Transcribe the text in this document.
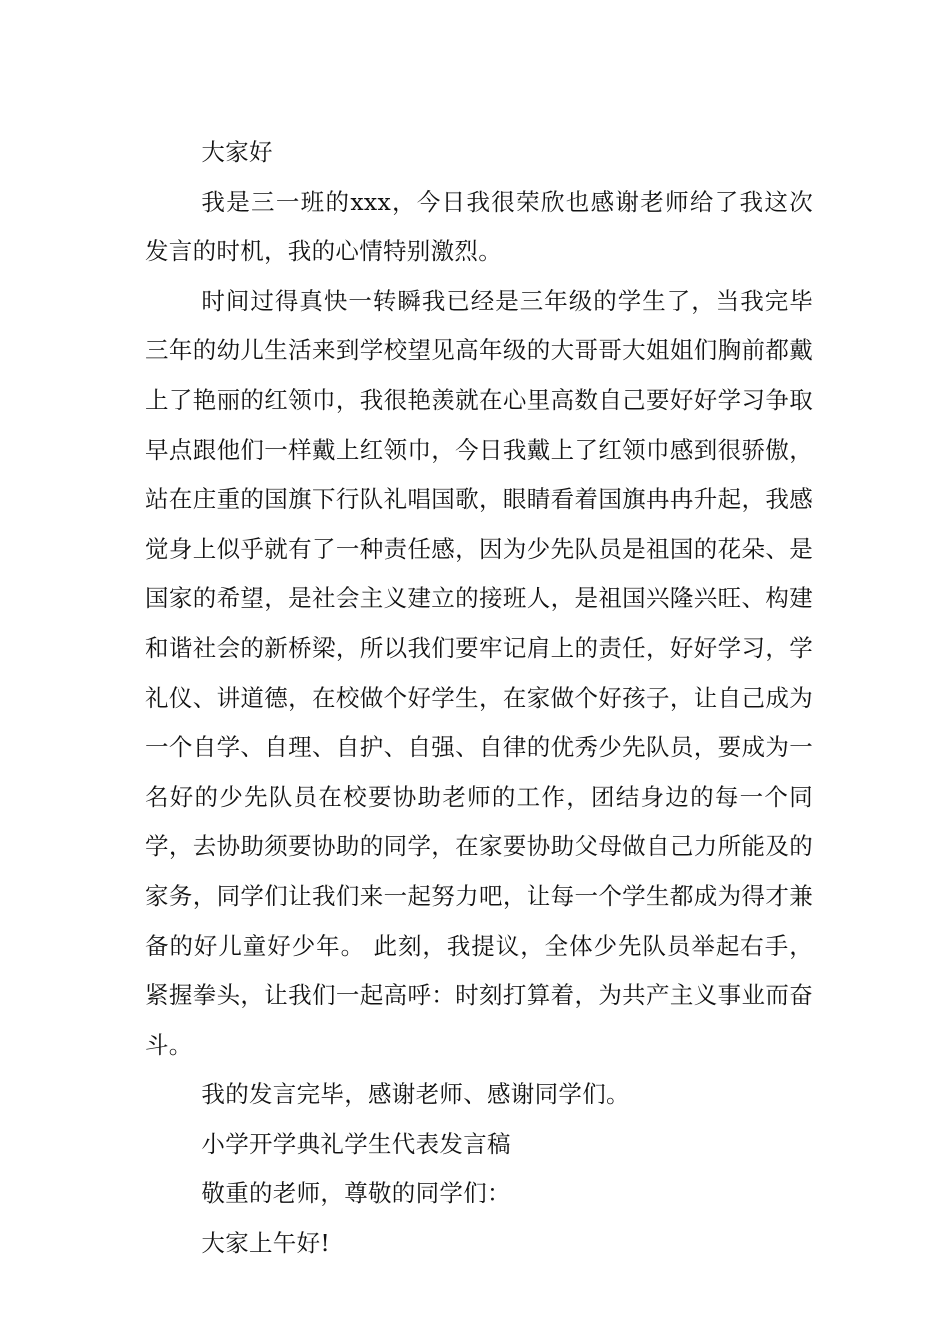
大家好

我是三一班的xxx，今日我很荣欣也感谢老师给了我这次发言的时机，我的心情特别激烈。

时间过得真快一转瞬我已经是三年级的学生了，当我完毕三年的幼儿生活来到学校望见高年级的大哥哥大姐姐们胸前都戴上了艳丽的红领巾，我很艳羡就在心里高数自己要好好学习争取早点跟他们一样戴上红领巾，今日我戴上了红领巾感到很骄傲，站在庄重的国旗下行队礼唱国歌，眼睛看着国旗冉冉升起，我感觉身上似乎就有了一种责任感，因为少先队员是祖国的花朵、是国家的希望，是社会主义建立的接班人，是祖国兴隆兴旺、构建和谐社会的新桥梁，所以我们要牢记肩上的责任，好好学习，学礼仪、讲道德，在校做个好学生，在家做个好孩子，让自己成为一个自学、自理、自护、自强、自律的优秀少先队员，要成为一名好的少先队员在校要协助老师的工作，团结身边的每一个同学，去协助须要协助的同学，在家要协助父母做自己力所能及的家务，同学们让我们来一起努力吧，让每一个学生都成为得才兼备的好儿童好少年。 此刻，我提议，全体少先队员举起右手，紧握拳头，让我们一起高呼：时刻打算着，为共产主义事业而奋斗。

我的发言完毕，感谢老师、感谢同学们。

小学开学典礼学生代表发言稿

敬重的老师，尊敬的同学们：

大家上午好!
